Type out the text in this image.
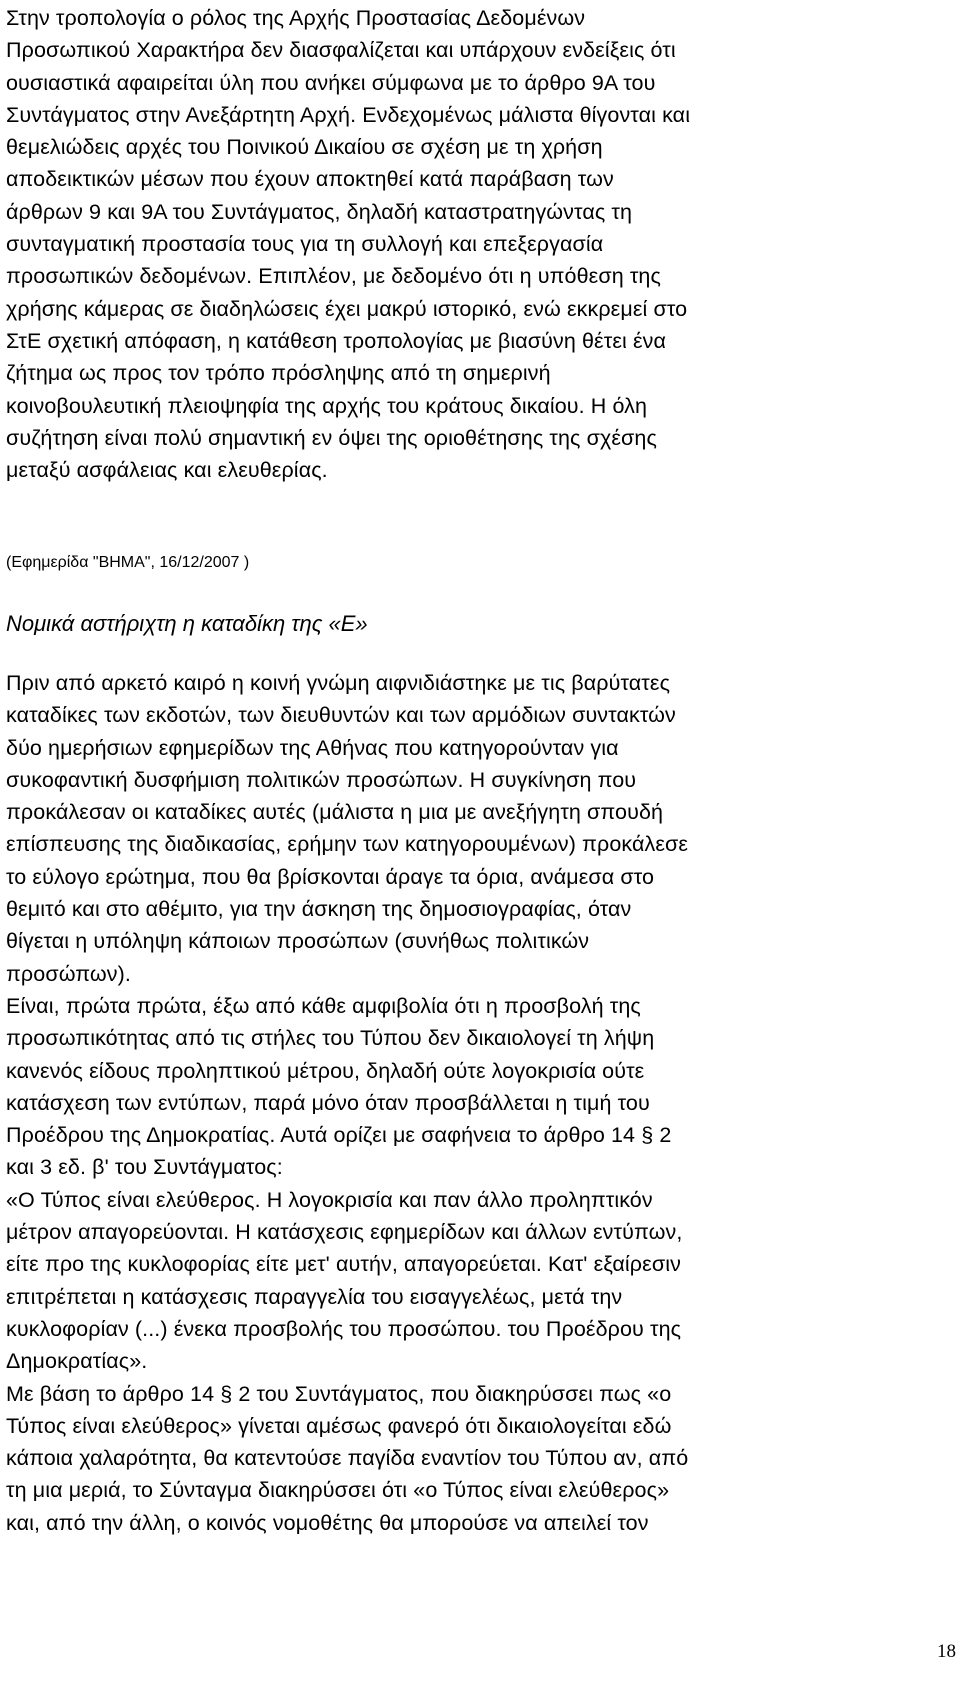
Στην τροπολογία ο ρόλος της Αρχής Προστασίας Δεδομένων
Προσωπικού Χαρακτήρα δεν διασφαλίζεται και υπάρχουν ενδείξεις ότι
ουσιαστικά αφαιρείται ύλη που ανήκει σύμφωνα με το άρθρο 9Α του
Συντάγματος στην Ανεξάρτητη Αρχή. Ενδεχομένως μάλιστα θίγονται και
θεμελιώδεις αρχές του Ποινικού Δικαίου σε σχέση με τη χρήση
αποδεικτικών μέσων που έχουν αποκτηθεί κατά παράβαση των
άρθρων 9 και 9Α του Συντάγματος, δηλαδή καταστρατηγώντας τη
συνταγματική προστασία τους για τη συλλογή και επεξεργασία
προσωπικών δεδομένων. Επιπλέον, με δεδομένο ότι η υπόθεση της
χρήσης κάμερας σε διαδηλώσεις έχει μακρύ ιστορικό, ενώ εκκρεμεί στο
ΣτΕ σχετική απόφαση, η κατάθεση τροπολογίας με βιασύνη θέτει ένα
ζήτημα ως προς τον τρόπο πρόσληψης από τη σημερινή
κοινοβουλευτική πλειοψηφία της αρχής του κράτους δικαίου. Η όλη
συζήτηση είναι πολύ σημαντική εν όψει της οριοθέτησης της σχέσης
μεταξύ ασφάλειας και ελευθερίας.
(Εφημερίδα "ΒΗΜΑ", 16/12/2007 )
Νομικά αστήριχτη η καταδίκη της «Ε»
Πριν από αρκετό καιρό η κοινή γνώμη αιφνιδιάστηκε με τις βαρύτατες
καταδίκες των εκδοτών, των διευθυντών και των αρμόδιων συντακτών
δύο ημερήσιων εφημερίδων της Αθήνας που κατηγορούνταν για
συκοφαντική δυσφήμιση πολιτικών προσώπων. Η συγκίνηση που
προκάλεσαν οι καταδίκες αυτές (μάλιστα η μια με ανεξήγητη σπουδή
επίσπευσης της διαδικασίας, ερήμην των κατηγορουμένων) προκάλεσε
το εύλογο ερώτημα, που θα βρίσκονται άραγε τα όρια, ανάμεσα στο
θεμιτό και στο αθέμιτο, για την άσκηση της δημοσιογραφίας, όταν
θίγεται η υπόληψη κάποιων προσώπων (συνήθως πολιτικών
προσώπων).
Είναι, πρώτα πρώτα, έξω από κάθε αμφιβολία ότι η προσβολή της
προσωπικότητας από τις στήλες του Τύπου δεν δικαιολογεί τη λήψη
κανενός είδους προληπτικού μέτρου, δηλαδή ούτε λογοκρισία ούτε
κατάσχεση των εντύπων, παρά μόνο όταν προσβάλλεται η τιμή του
Προέδρου της Δημοκρατίας. Αυτά ορίζει με σαφήνεια το άρθρο 14 § 2
και 3 εδ. β' του Συντάγματος:
«Ο Τύπος είναι ελεύθερος. Η λογοκρισία και παν άλλο προληπτικόν
μέτρον απαγορεύονται. Η κατάσχεσις εφημερίδων και άλλων εντύπων,
είτε προ της κυκλοφορίας είτε μετ' αυτήν, απαγορεύεται. Κατ' εξαίρεσιν
επιτρέπεται η κατάσχεσις παραγγελία του εισαγγελέως, μετά την
κυκλοφορίαν (...) ένεκα προσβολής του προσώπου. του Προέδρου της
Δημοκρατίας».
Με βάση το άρθρο 14 § 2 του Συντάγματος, που διακηρύσσει πως «ο
Τύπος είναι ελεύθερος» γίνεται αμέσως φανερό ότι δικαιολογείται εδώ
κάποια χαλαρότητα, θα κατεντούσε παγίδα εναντίον του Τύπου αν, από
τη μια μεριά, το Σύνταγμα διακηρύσσει ότι «ο Τύπος είναι ελεύθερος»
και, από την άλλη, ο κοινός νομοθέτης θα μπορούσε να απειλεί τον
18
